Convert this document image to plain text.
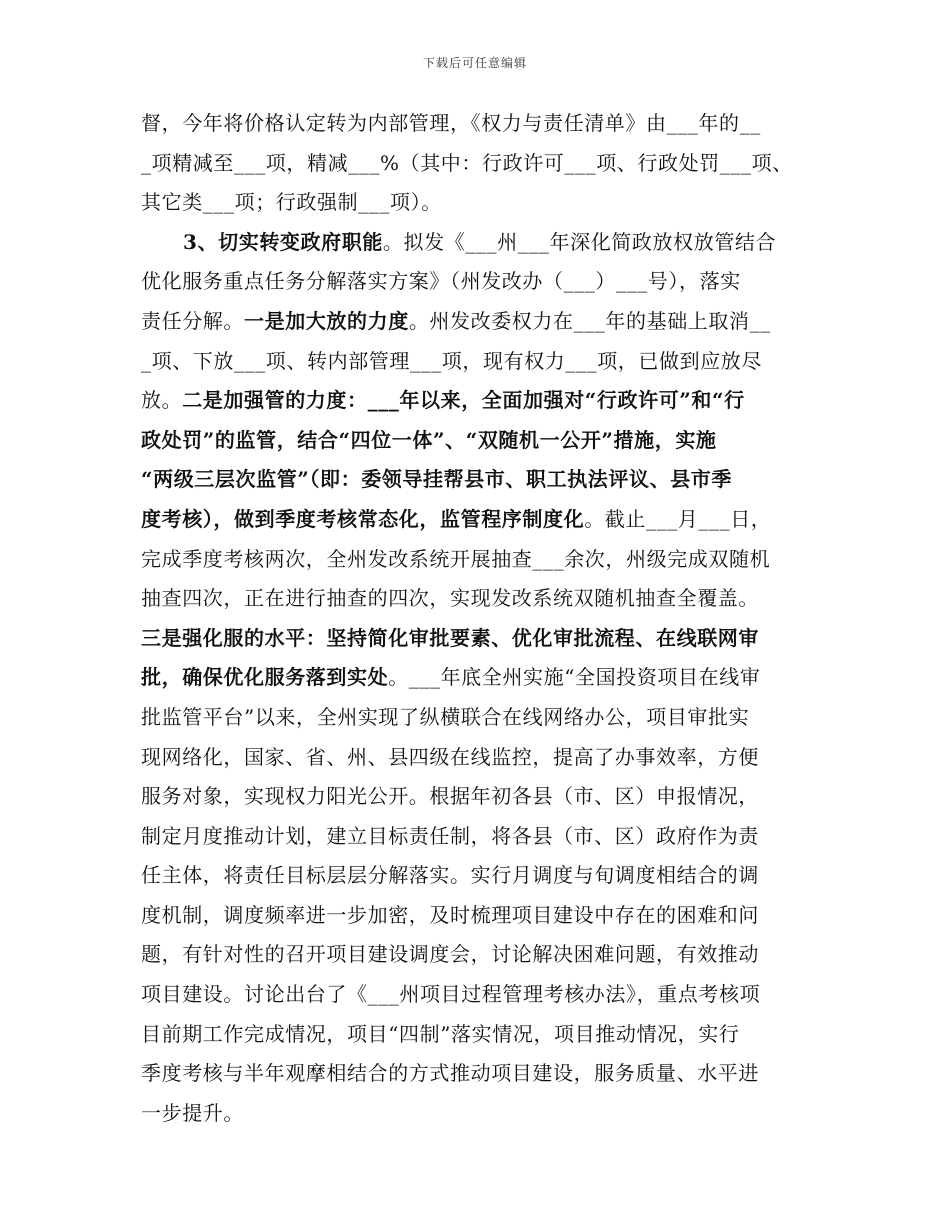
下载后可任意编辑
督，今年将价格认定转为内部管理，《权力与责任清单》由___年的__
_项精减至___项，精减___%（其中：行政许可___项、行政处罚___项、
其它类___项；行政强制___项）。
3、切实转变政府职能。拟发《___州___年深化简政放权放管结合
优化服务重点任务分解落实方案》（州发改办（___）___号），落实
责任分解。一是加大放的力度。州发改委权力在___年的基础上取消__
_项、下放___项、转内部管理___项，现有权力___项，已做到应放尽
放。二是加强管的力度：___年以来，全面加强对“行政许可”和“行
政处罚”的监管，结合“四位一体”、“双随机一公开”措施，实施
“两级三层次监管”（即：委领导挂帮县市、职工执法评议、县市季
度考核），做到季度考核常态化，监管程序制度化。截止___月___日，
完成季度考核两次，全州发改系统开展抽查___余次，州级完成双随机
抽查四次，正在进行抽查的四次，实现发改系统双随机抽查全覆盖。
三是强化服的水平：坚持简化审批要素、优化审批流程、在线联网审
批，确保优化服务落到实处。___年底全州实施“全国投资项目在线审
批监管平台”以来，全州实现了纵横联合在线网络办公，项目审批实
现网络化，国家、省、州、县四级在线监控，提高了办事效率，方便
服务对象，实现权力阳光公开。根据年初各县（市、区）申报情况，
制定月度推动计划，建立目标责任制，将各县（市、区）政府作为责
任主体，将责任目标层层分解落实。实行月调度与旬调度相结合的调
度机制，调度频率进一步加密，及时梳理项目建设中存在的困难和问
题，有针对性的召开项目建设调度会，讨论解决困难问题，有效推动
项目建设。讨论出台了《___州项目过程管理考核办法》，重点考核项
目前期工作完成情况，项目“四制”落实情况，项目推动情况，实行
季度考核与半年观摩相结合的方式推动项目建设，服务质量、水平进
一步提升。
